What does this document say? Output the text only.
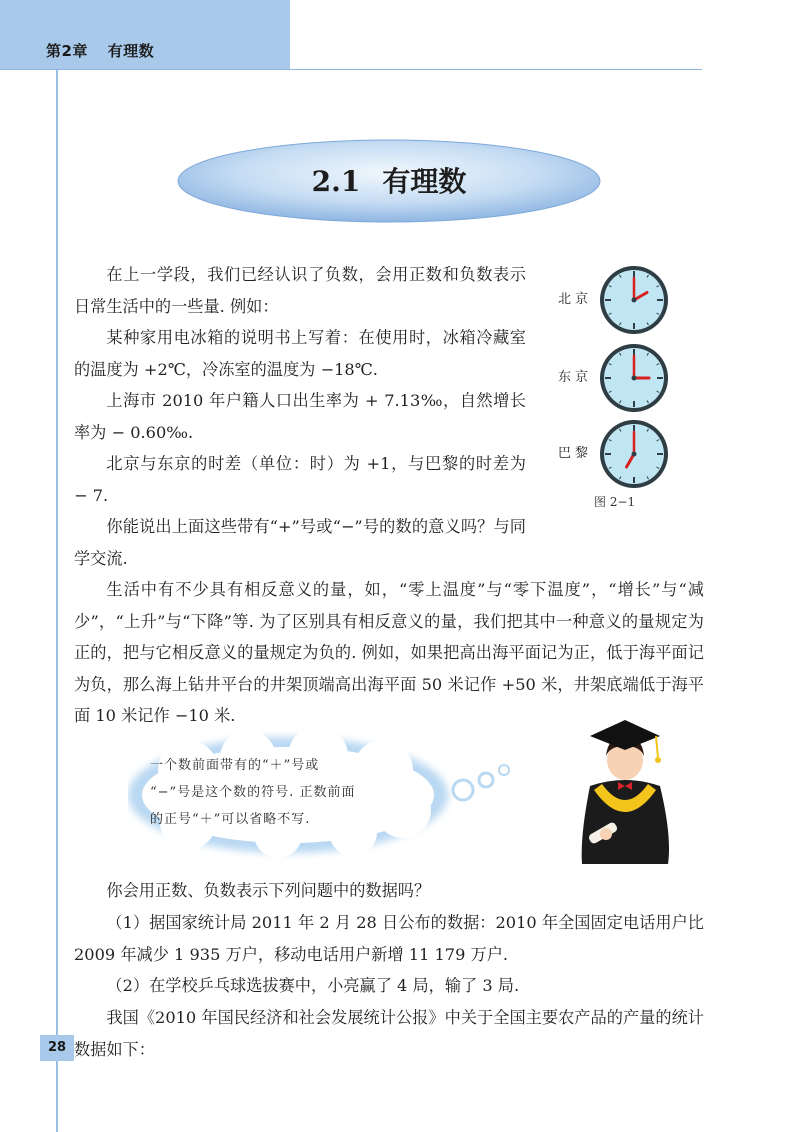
第2章 有理数
2.1 有理数

在上一学段，我们已经认识了负数，会用正数和负数表示日常生活中的一些量. 例如：

某种家用电冰箱的说明书上写着：在使用时，冰箱冷藏室的温度为 +2℃，冷冻室的温度为 −18℃.

上海市 2010 年户籍人口出生率为 + 7.13‰，自然增长率为 − 0.60‰.

北京与东京的时差（单位：时）为 +1，与巴黎的时差为 − 7.

你能说出上面这些带有“+”号或“−”号的数的意义吗？与同学交流.

生活中有不少具有相反意义的量，如，“零上温度”与“零下温度”，“增长”与“减少”，“上升”与“下降”等. 为了区别具有相反意义的量，我们把其中一种意义的量规定为正的，把与它相反意义的量规定为负的. 例如，如果把高出海平面记为正，低于海平面记为负，那么海上钻井平台的井架顶端高出海平面 50 米记作 +50 米，井架底端低于海平面 10 米记作 −10 米.

北京
东京
巴黎
图 2−1
一个数前面带有的“＋”号或
“−”号是这个数的符号. 正数前面
的正号“＋”可以省略不写.

你会用正数、负数表示下列问题中的数据吗？

（1）据国家统计局 2011 年 2 月 28 日公布的数据：2010 年全国固定电话用户比 2009 年减少 1 935 万户，移动电话用户新增 11 179 万户.

（2）在学校乒乓球选拔赛中，小亮赢了 4 局，输了 3 局.

我国《2010 年国民经济和社会发展统计公报》中关于全国主要农产品的产量的统计数据如下：

28
